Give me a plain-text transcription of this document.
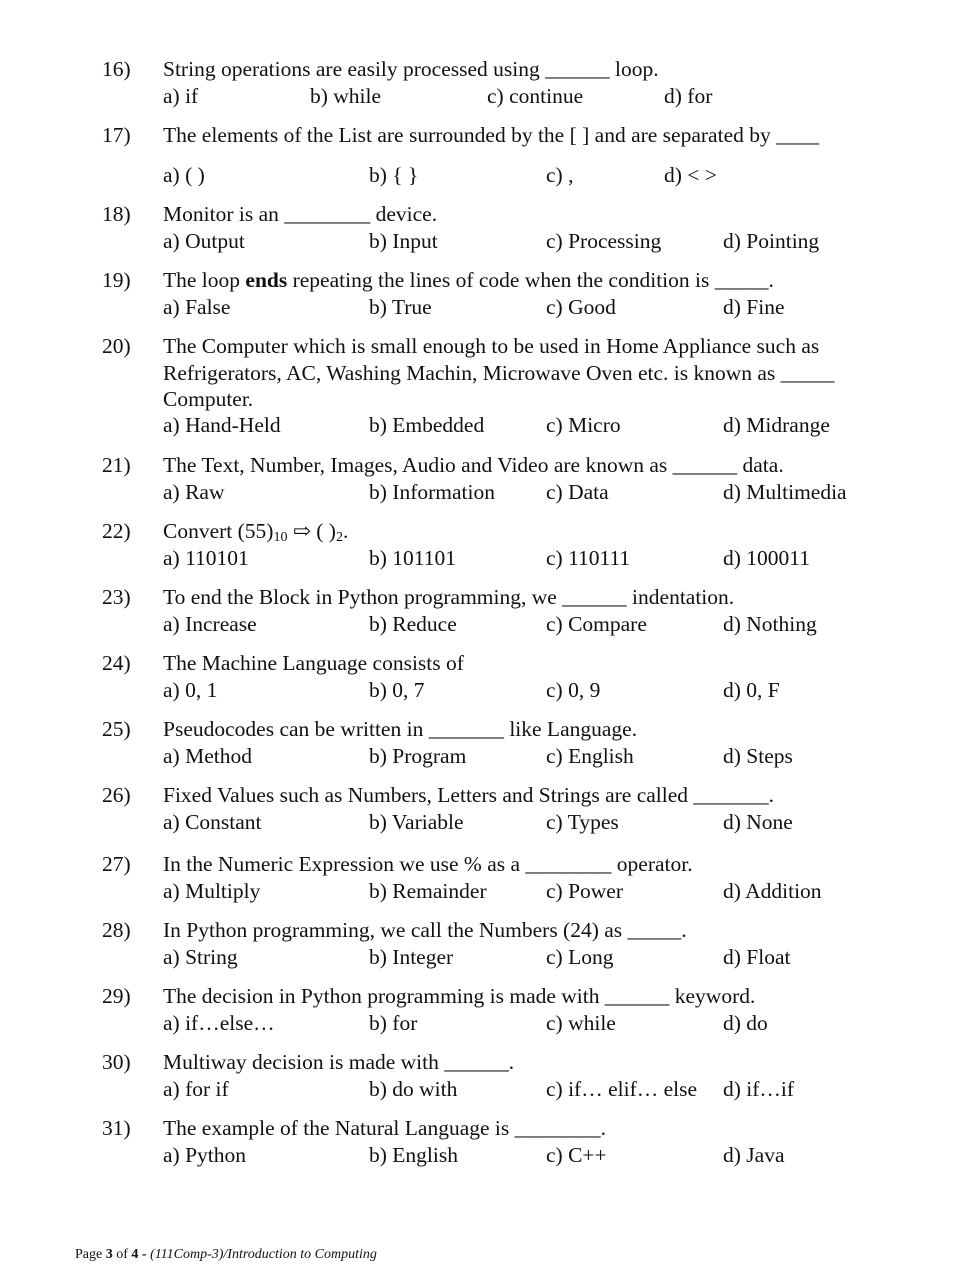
16) String operations are easily processed using ______ loop.
a) if	b) while	c) continue	d) for
17) The elements of the List are surrounded by the [ ] and are separated by ____
a) ( )	b) { }	c) ,	d) < >
18) Monitor is an ________ device.
a) Output	b) Input	c) Processing	d) Pointing
19) The loop ends repeating the lines of code when the condition is _____.
a) False	b) True	c) Good	d) Fine
20) The Computer which is small enough to be used in Home Appliance such as Refrigerators, AC, Washing Machin, Microwave Oven etc. is known as _____ Computer.
a) Hand-Held	b) Embedded	c) Micro	d) Midrange
21) The Text, Number, Images, Audio and Video are known as ______ data.
a) Raw	b) Information c) Data	d) Multimedia
22) Convert $(55)_{10}$ ⇨ ( )$_2$.
a) 110101	b) 101101	c) 110111	d) 100011
23) To end the Block in Python programming, we ______ indentation.
a) Increase	b) Reduce	c) Compare	d) Nothing
24) The Machine Language consists of
a) 0, 1	b) 0, 7	c) 0, 9	d) 0, F
25) Pseudocodes can be written in _______ like Language.
a) Method	b) Program	c) English	d) Steps
26) Fixed Values such as Numbers, Letters and Strings are called _______.
a) Constant	b) Variable	c) Types	d) None
27) In the Numeric Expression we use % as a ________ operator.
a) Multiply	b) Remainder	c) Power	d) Addition
28) In Python programming, we call the Numbers (24) as _____.
a) String	b) Integer	c) Long	d) Float
29) The decision in Python programming is made with ______ keyword.
a) if…else…	b) for	c) while	d) do
30) Multiway decision is made with ______.
a) for if	b) do with	c) if… elif… else d) if…if
31) The example of the Natural Language is ________.
a) Python	b) English	c) C++	d) Java
Page 3 of 4 - (111Comp-3)/Introduction to Computing
